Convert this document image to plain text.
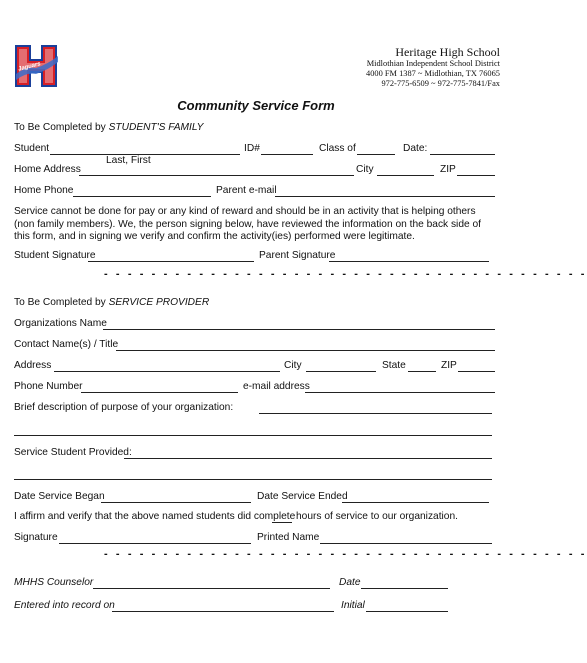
Jaguars
Heritage High School
Midlothian Independent School District
4000 FM 1387 ~ Midlothian, TX 76065
972-775-6509 ~ 972-775-7841/Fax
Community Service Form
To Be Completed by STUDENT'S FAMILY
Student	ID#	Class of	Date:
Last, First
Home Address	City	ZIP
Home Phone	Parent e-mail
Service cannot be done for pay or any kind of reward and should be in an activity that is helping others (non family members). We, the person signing below, have reviewed the information on the back side of this form, and in signing we verify and confirm the activity(ies) performed were legitimate.
Student Signature	Parent Signature
- - - - - - - - - - - - - - - - - - - - - - - - - - - - - - - - - - - - - - - - -
To Be Completed by SERVICE PROVIDER
Organizations Name
Contact Name(s) / Title
Address	City	State	ZIP
Phone Number	e-mail address
Brief description of purpose of your organization:
Service Student Provided:
Date Service Began	Date Service Ended
I affirm and verify that the above named students did complete hours of service to our organization.
Signature	Printed Name
- - - - - - - - - - - - - - - - - - - - - - - - - - - - - - - - - - - - - - - - -
MHHS Counselor	Date
Entered into record on	Initial
